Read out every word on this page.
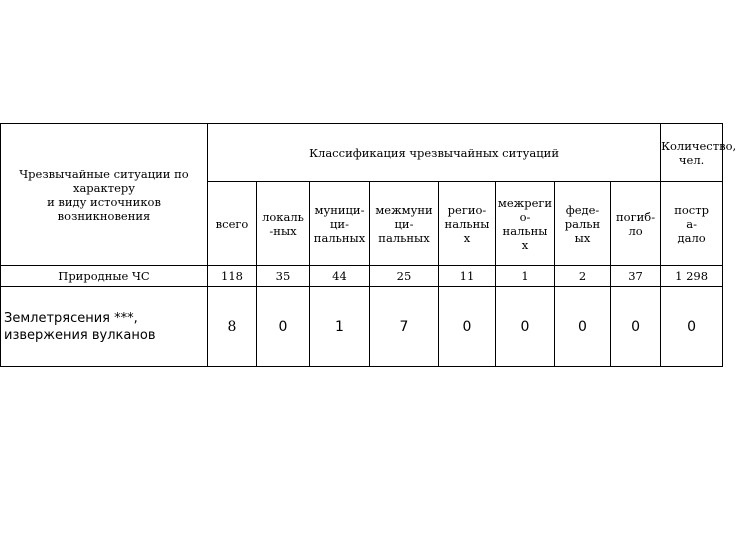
Чрезвычайные ситуации по
характеру
и виду источников
возникновения	Классификация чрезвычайных ситуаций								Количество,
чел.
	всего	локаль
-ных	муници-
ци-
пальных	межмуни
ци-
пальных	регио-
нальны
х	межреги
о-
нальны
х	феде-
ральн
ых	погиб-
ло	постр
а-
дало
Природные ЧС	118	35	44	25	11	1	2	37	1 298
Землетрясения ***,
извержения вулканов	8	0	1	7	0	0	0	0	0
